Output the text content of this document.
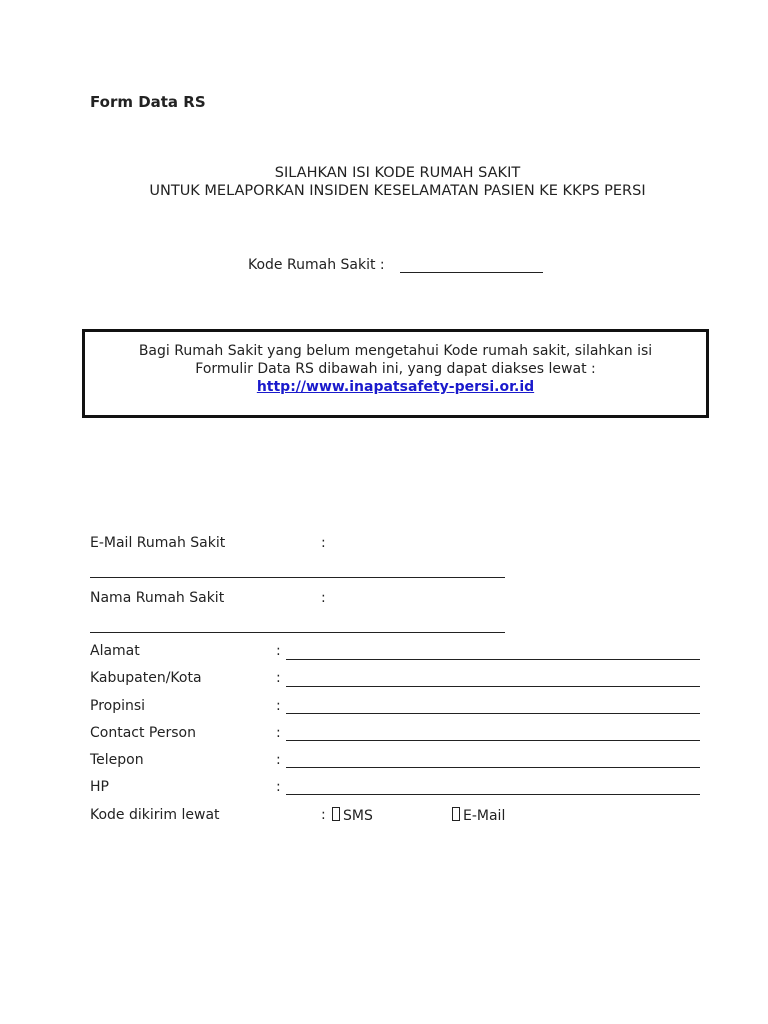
Form Data RS
SILAHKAN ISI KODE RUMAH SAKIT
UNTUK MELAPORKAN INSIDEN KESELAMATAN PASIEN KE KKPS PERSI
Kode Rumah Sakit :

Bagi Rumah Sakit yang belum mengetahui Kode rumah sakit, silahkan isi

Formulir Data RS dibawah ini, yang dapat diakses lewat :

http://www.inapatsafety-persi.or.id

E-Mail Rumah Sakit	:
Nama Rumah Sakit	:
Alamat	:
Kabupaten/Kota	:
Propinsi	:
Contact Person	:
Telepon	:
HP	:
Kode dikirim lewat	:	SMS	E-Mail
